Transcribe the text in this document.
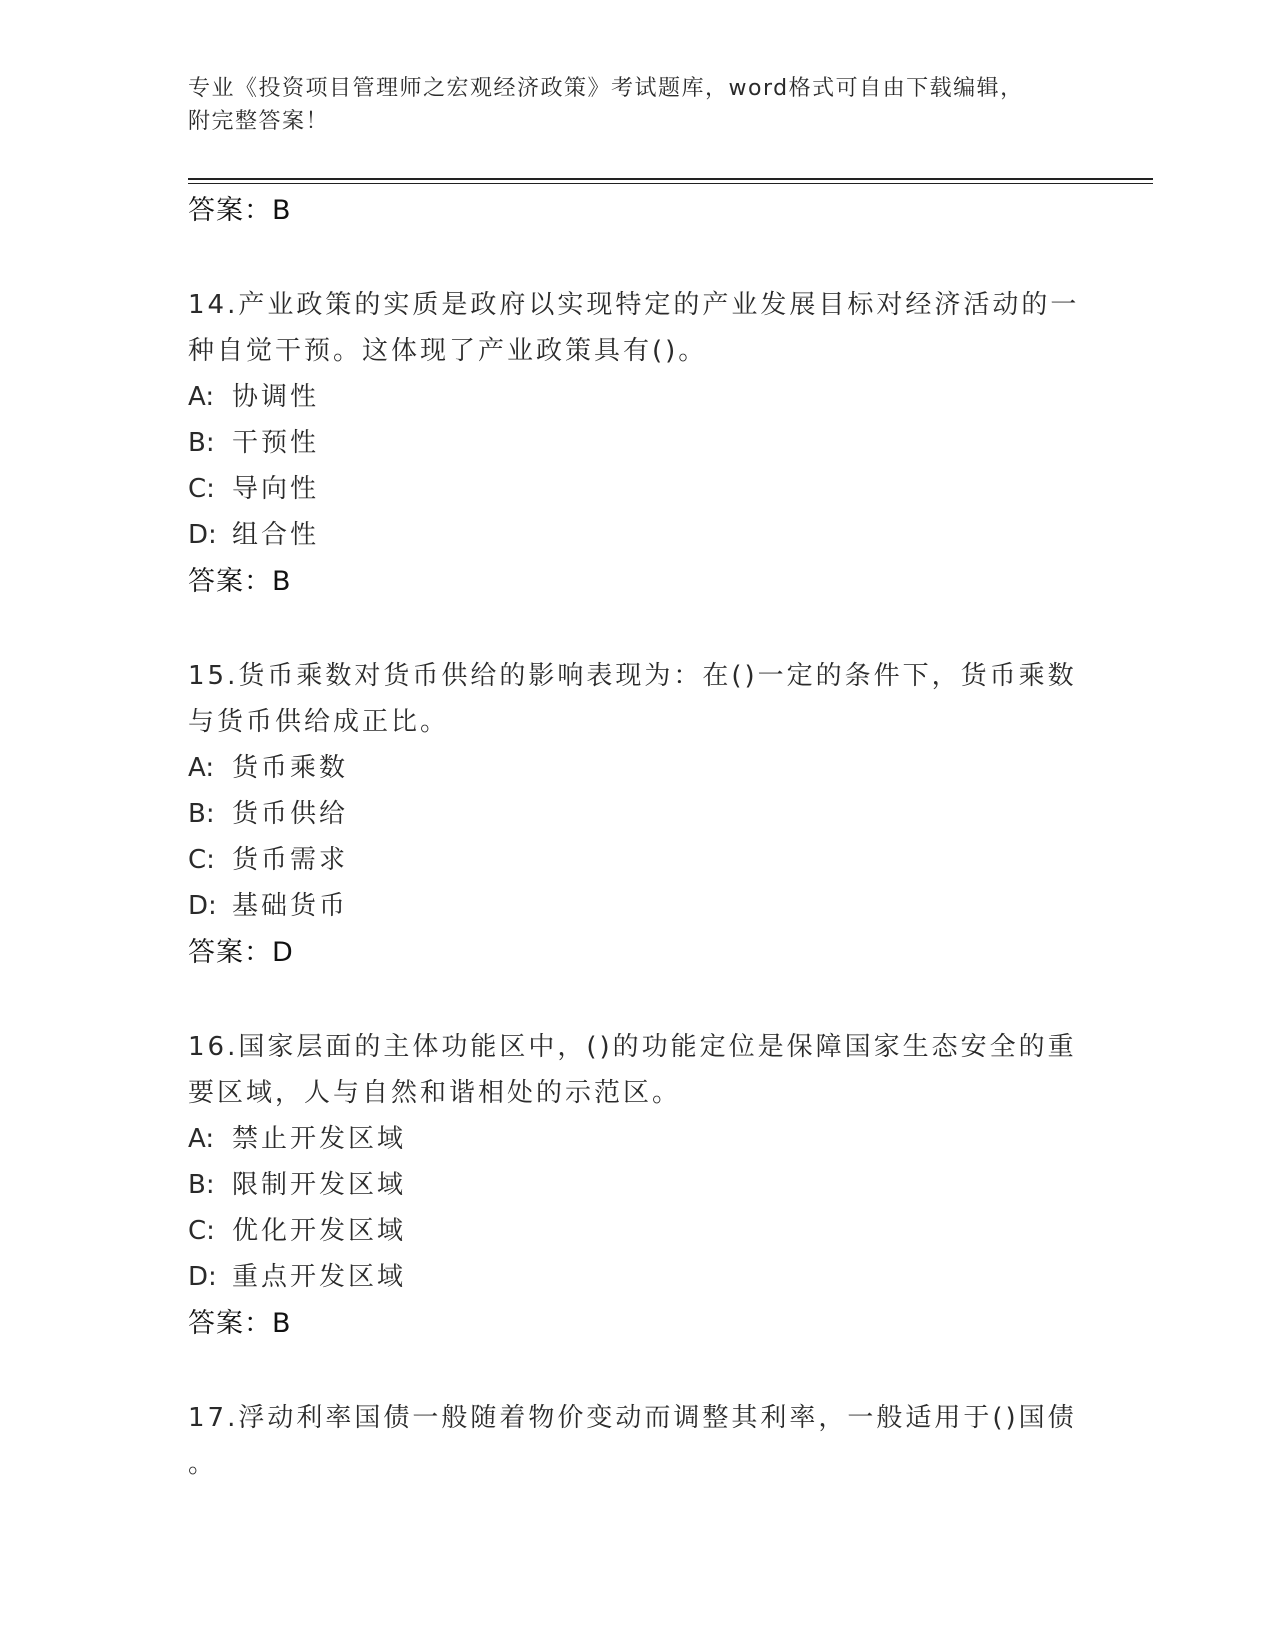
专业《投资项目管理师之宏观经济政策》考试题库，word格式可自由下载编辑，
附完整答案！
答案：B
14.产业政策的实质是政府以实现特定的产业发展目标对经济活动的一
种自觉干预。这体现了产业政策具有()。
A: 协调性
B: 干预性
C: 导向性
D: 组合性
答案：B
15.货币乘数对货币供给的影响表现为：在()一定的条件下，货币乘数
与货币供给成正比。
A: 货币乘数
B: 货币供给
C: 货币需求
D: 基础货币
答案：D
16.国家层面的主体功能区中，()的功能定位是保障国家生态安全的重
要区域，人与自然和谐相处的示范区。
A: 禁止开发区域
B: 限制开发区域
C: 优化开发区域
D: 重点开发区域
答案：B
17.浮动利率国债一般随着物价变动而调整其利率，一般适用于()国债
。
